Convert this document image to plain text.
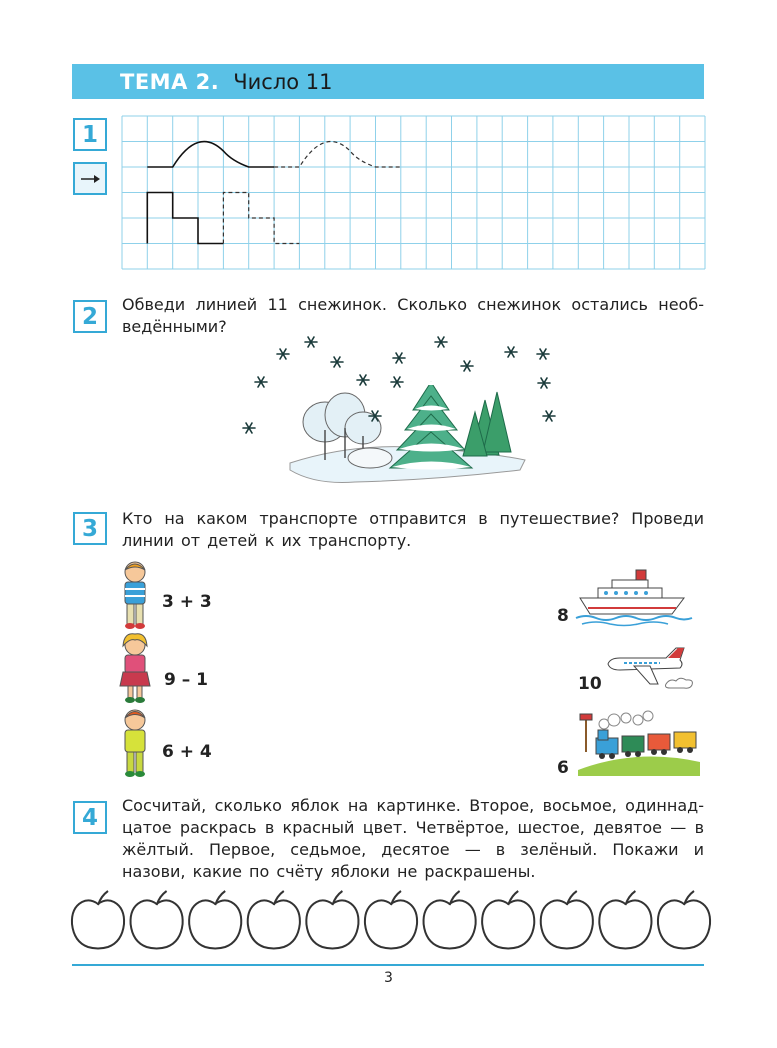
ТЕМА 2. Число 11
1
2	Обведи линией 11 снежинок. Сколько снежинок остались необведёнными?
3	Кто на каком транспорте отправится в путешествие? Проведи линии от детей к их транспорту.
3 + 3
9 – 1
6 + 4
8
10
6
4	Сосчитай, сколько яблок на картинке. Второе, восьмое, одиннадцатое раскрась в красный цвет. Четвёртое, шестое, девятое — в жёлтый. Первое, седьмое, десятое — в зелёный. Покажи и назови, какие по счёту яблоки не раскрашены.
3
